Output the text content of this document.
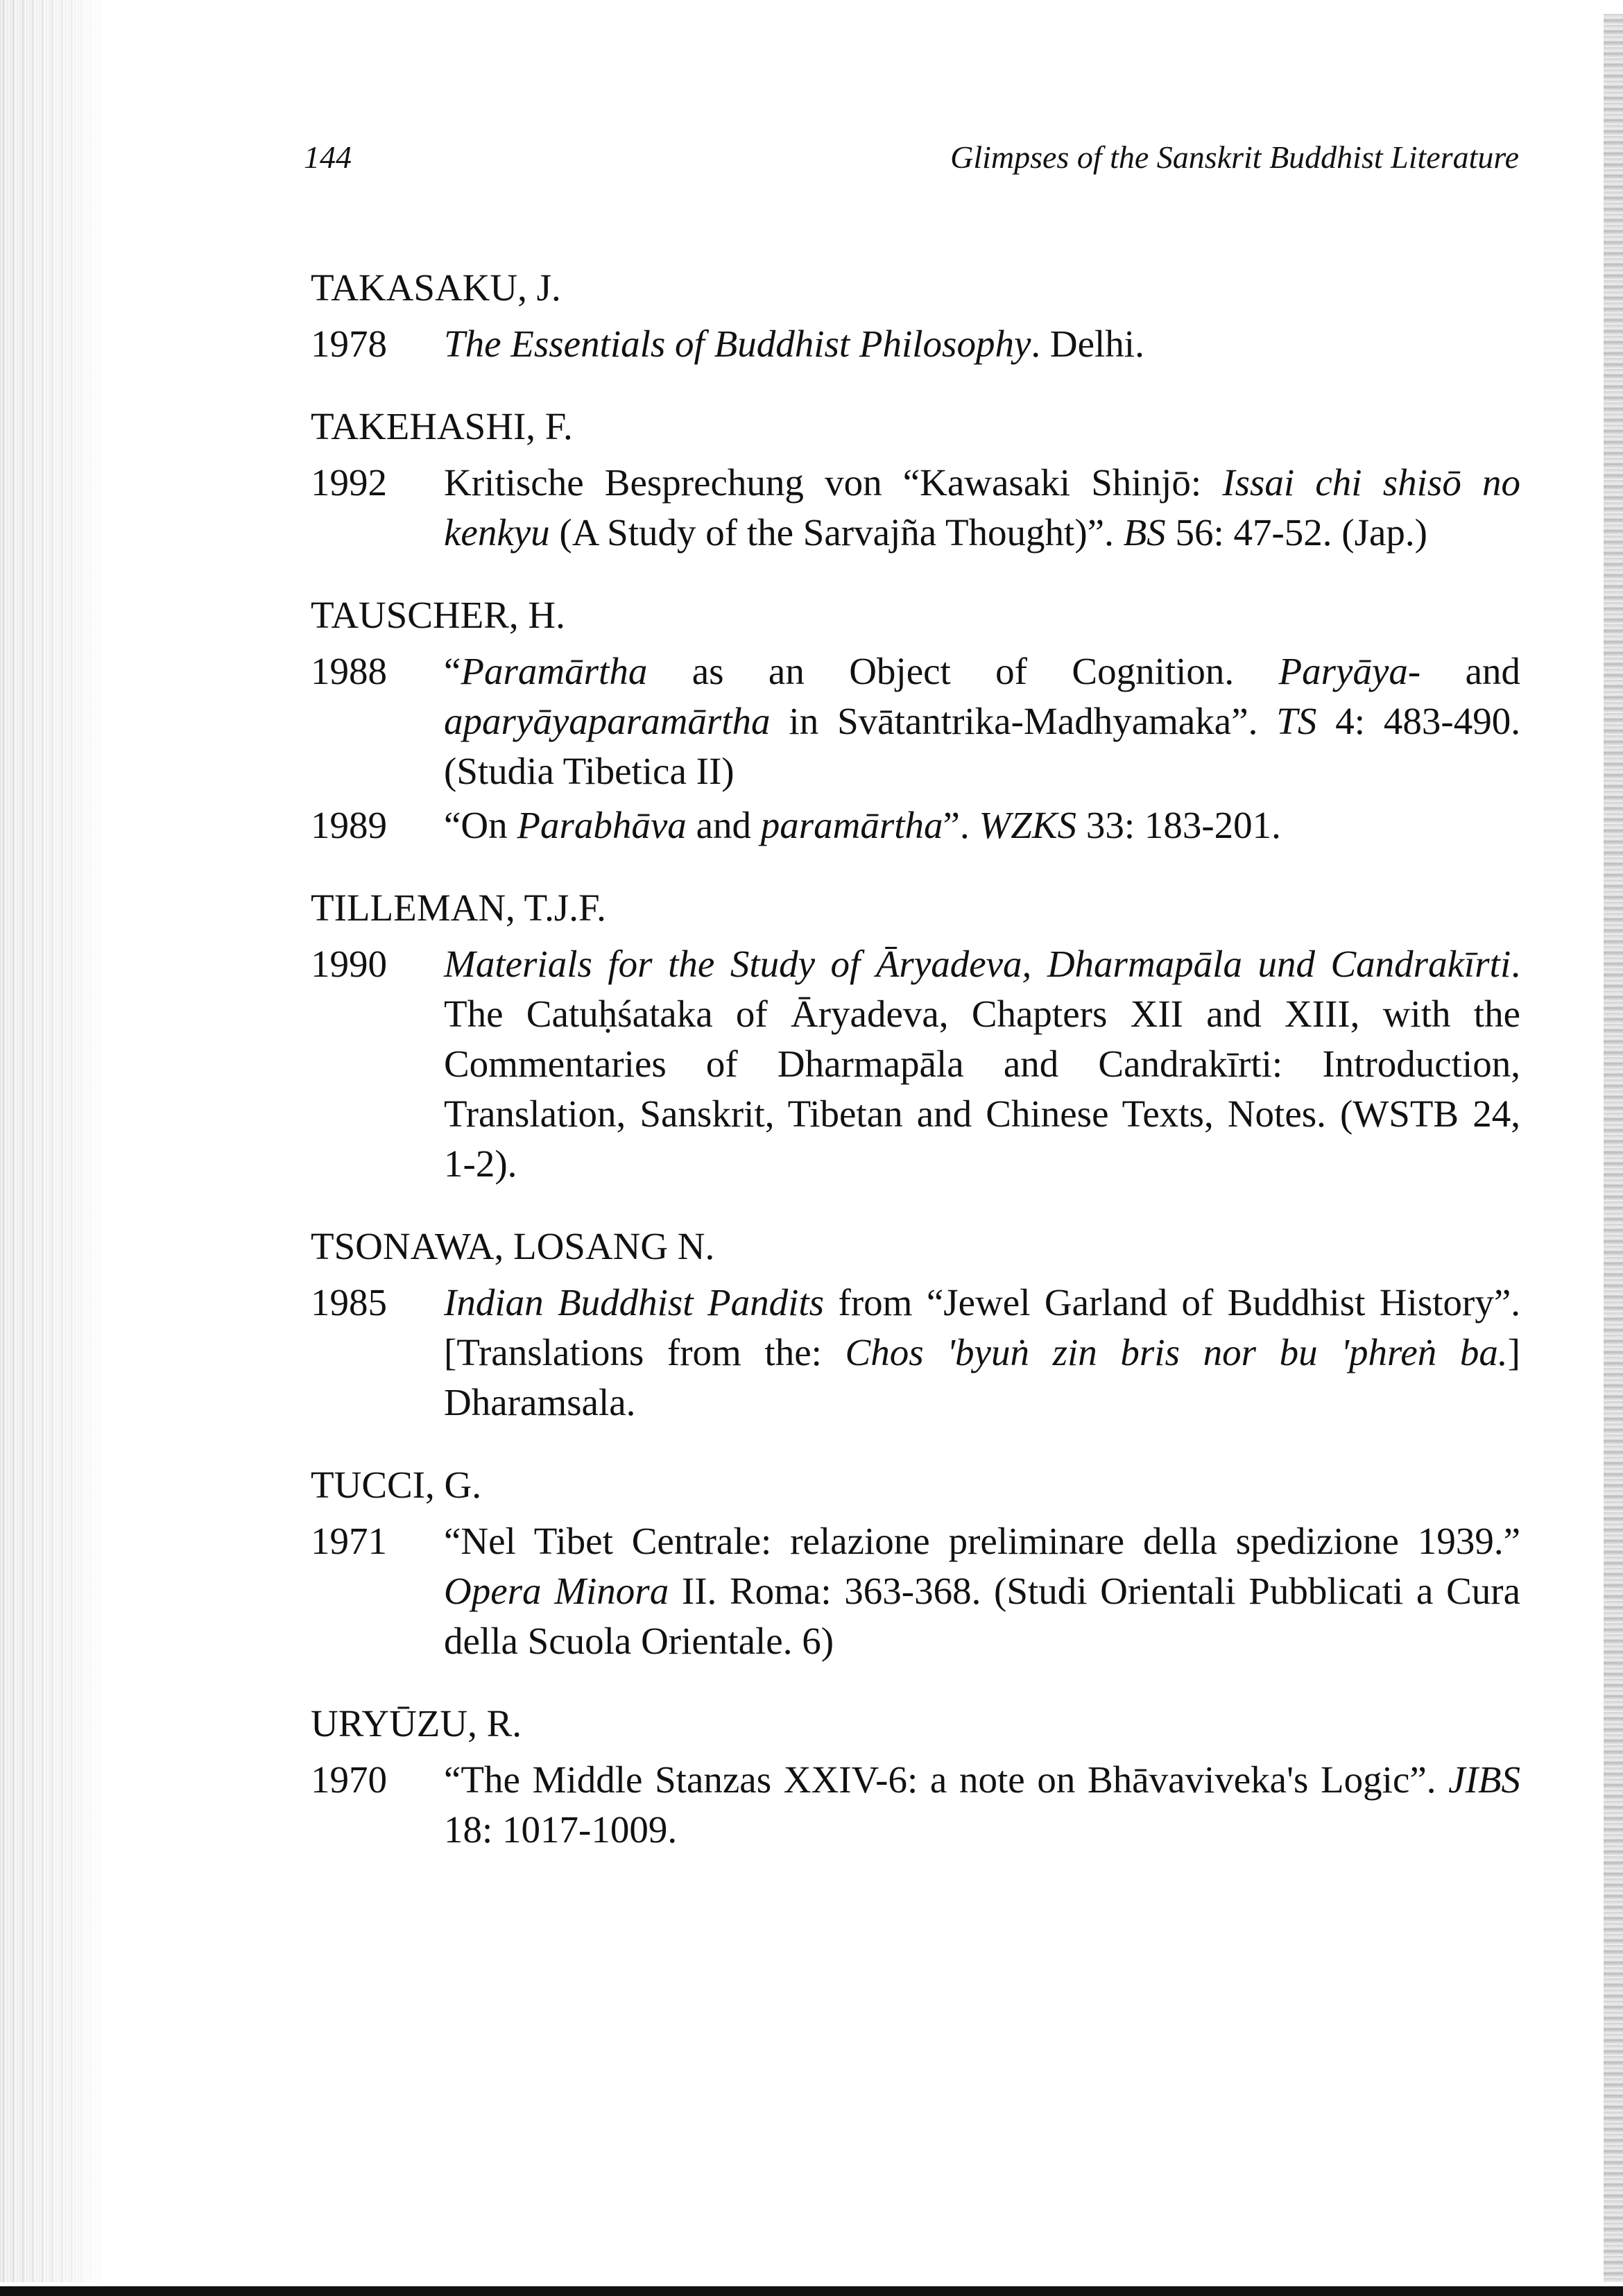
144	Glimpses of the Sanskrit Buddhist Literature
TAKASAKU, J.
1978	The Essentials of Buddhist Philosophy. Delhi.
TAKEHASHI, F.
1992	Kritische Besprechung von “Kawasaki Shinjō: Issai chi shisō no kenkyu (A Study of the Sarvajña Thought)”. BS 56: 47-52. (Jap.)
TAUSCHER, H.
1988	“Paramārtha as an Object of Cognition. Paryāya- and aparyāyaparamārtha in Svātantrika-Madhyamaka”. TS 4: 483-490. (Studia Tibetica II)
1989	“On Parabhāva and paramārtha”. WZKS 33: 183-201.
TILLEMAN, T.J.F.
1990	Materials for the Study of Āryadeva, Dharmapāla und Candrakīrti. The Catuḥśataka of Āryadeva, Chapters XII and XIII, with the Commentaries of Dharmapāla and Candrakīrti: Introduction, Translation, Sanskrit, Tibetan and Chinese Texts, Notes. (WSTB 24, 1-2).
TSONAWA, LOSANG N.
1985	Indian Buddhist Pandits from “Jewel Garland of Buddhist History”. [Translations from the: Chos 'byuṅ zin bris nor bu 'phreṅ ba.] Dharamsala.
TUCCI, G.
1971	“Nel Tibet Centrale: relazione preliminare della spedizione 1939.” Opera Minora II. Roma: 363-368. (Studi Orientali Pubblicati a Cura della Scuola Orientale. 6)
URYŪZU, R.
1970	“The Middle Stanzas XXIV-6: a note on Bhāvaviveka's Logic”. JIBS 18: 1017-1009.
